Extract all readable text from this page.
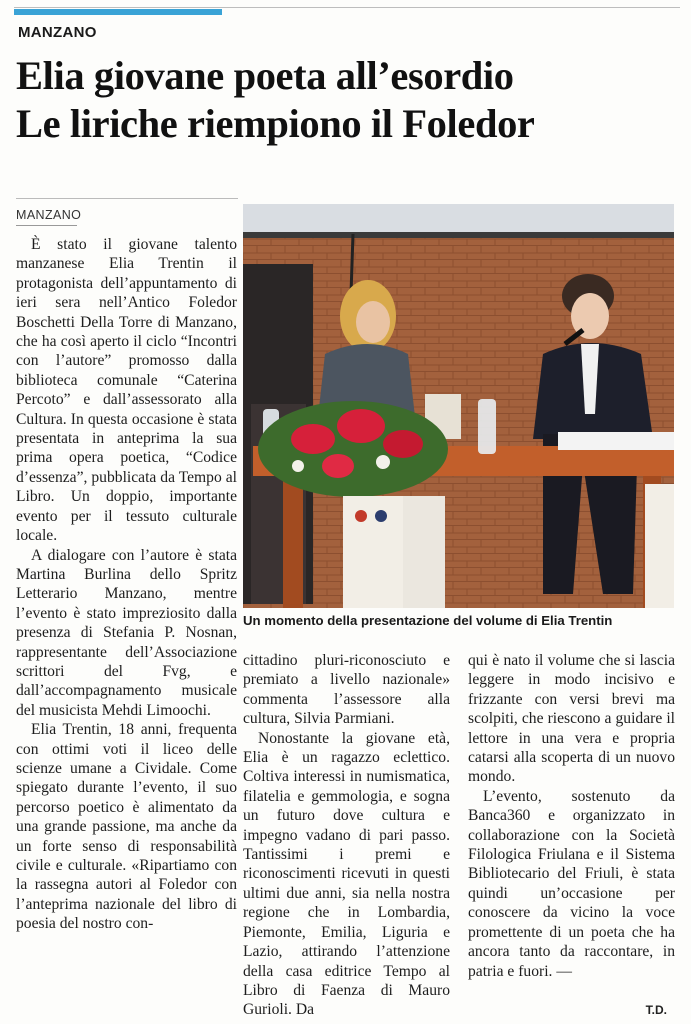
MANZANO
Elia giovane poeta all’esordio
Le liriche riempiono il Foledor
MANZANO

È stato il giovane talento manzanese Elia Trentin il protagonista dell’appuntamento di ieri sera nell’Antico Foledor Boschetti Della Torre di Manzano, che ha così aperto il ciclo “Incontri con l’autore” promosso dalla biblioteca comunale “Caterina Percoto” e dall’assessorato alla Cultura. In questa occasione è stata presentata in anteprima la sua prima opera poetica, “Codice d’essenza”, pubblicata da Tempo al Libro. Un doppio, importante evento per il tessuto culturale locale.

A dialogare con l’autore è stata Martina Burlina dello Spritz Letterario Manzano, mentre l’evento è stato impreziosito dalla presenza di Stefania P. Nosnan, rappresentante dell’Associazione scrittori del Fvg, e dall’accompagnamento musicale del musicista Mehdi Limoochi.

Elia Trentin, 18 anni, frequenta con ottimi voti il liceo delle scienze umane a Cividale. Come spiegato durante l’evento, il suo percorso poetico è alimentato da una grande passione, ma anche da un forte senso di responsabilità civile e culturale. «Ripartiamo con la rassegna autori al Foledor con l’anteprima nazionale del libro di poesia del nostro con-

Un momento della presentazione del volume di Elia Trentin

cittadino pluri-riconosciuto e premiato a livello nazionale» commenta l’assessore alla cultura, Silvia Parmiani.

Nonostante la giovane età, Elia è un ragazzo eclettico. Coltiva interessi in numismatica, filatelia e gemmologia, e sogna un futuro dove cultura e impegno vadano di pari passo. Tantissimi i premi e riconoscimenti ricevuti in questi ultimi due anni, sia nella nostra regione che in Lombardia, Piemonte, Emilia, Liguria e Lazio, attirando l’attenzione della casa editrice Tempo al Libro di Faenza di Mauro Gurioli. Da

qui è nato il volume che si lascia leggere in modo incisivo e frizzante con versi brevi ma scolpiti, che riescono a guidare il lettore in una vera e propria catarsi alla scoperta di un nuovo mondo.

L’evento, sostenuto da Banca360 e organizzato in collaborazione con la Società Filologica Friulana e il Sistema Bibliotecario del Friuli, è stata quindi un’occasione per conoscere da vicino la voce promettente di un poeta che ha ancora tanto da raccontare, in patria e fuori. —

T.D.
